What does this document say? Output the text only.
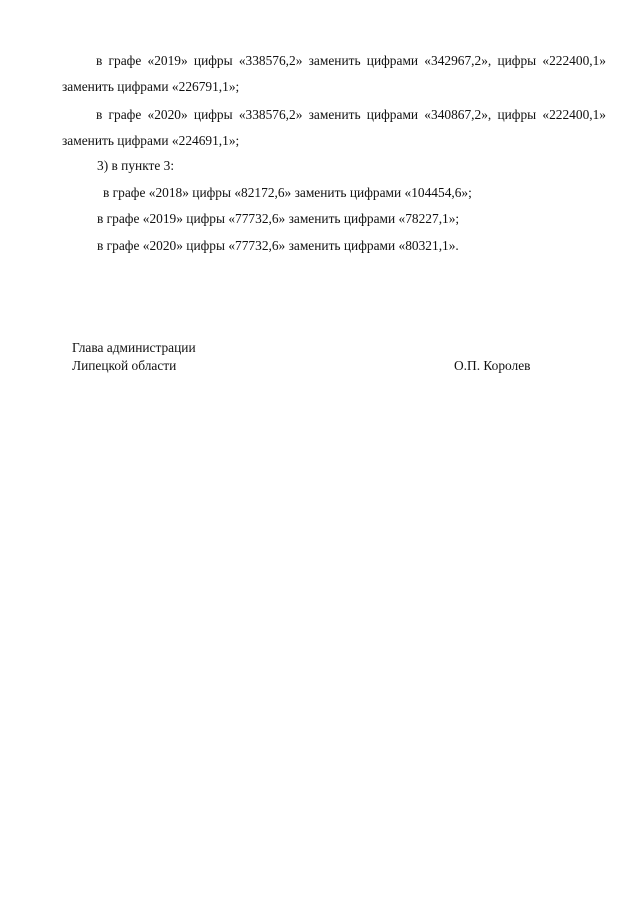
в графе «2019» цифры «338576,2» заменить цифрами «342967,2», цифры «222400,1» заменить цифрами «226791,1»;

в графе «2020» цифры «338576,2» заменить цифрами «340867,2», цифры «222400,1» заменить цифрами «224691,1»;

3) в пункте 3:

в графе «2018» цифры «82172,6» заменить цифрами «104454,6»;

в графе «2019» цифры «77732,6» заменить цифрами «78227,1»;

в графе «2020» цифры «77732,6» заменить цифрами «80321,1».

Глава администрации

Липецкой области	О.П. Королев
